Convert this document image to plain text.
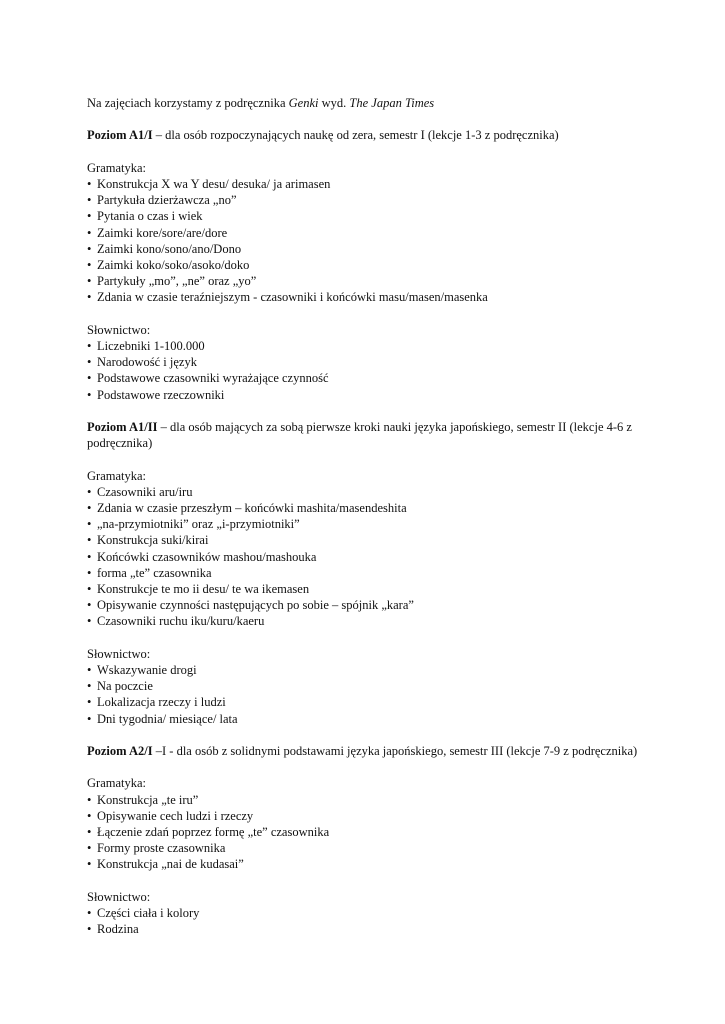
Na zajęciach korzystamy z podręcznika Genki wyd. The Japan Times

Poziom A1/I – dla osób rozpoczynających naukę od zera, semestr I (lekcje 1-3 z podręcznika)

Gramatyka:

• Konstrukcja X wa Y desu/ desuka/ ja arimasen
• Partykuła dzierżawcza „no”
• Pytania o czas i wiek
• Zaimki kore/sore/are/dore
• Zaimki kono/sono/ano/Dono
• Zaimki koko/soko/asoko/doko
• Partykuły „mo”, „ne” oraz „yo”
• Zdania w czasie teraźniejszym - czasowniki i końcówki masu/masen/masenka

Słownictwo:

• Liczebniki 1-100.000
• Narodowość i język
• Podstawowe czasowniki wyrażające czynność
• Podstawowe rzeczowniki

Poziom A1/II – dla osób mających za sobą pierwsze kroki nauki języka japońskiego, semestr II (lekcje 4-6 z podręcznika)

Gramatyka:

• Czasowniki aru/iru
• Zdania w czasie przeszłym – końcówki mashita/masendeshita
• „na-przymiotniki” oraz „i-przymiotniki”
• Konstrukcja suki/kirai
• Końcówki czasowników mashou/mashouka
• forma „te” czasownika
• Konstrukcje te mo ii desu/ te wa ikemasen
• Opisywanie czynności następujących po sobie – spójnik „kara”
• Czasowniki ruchu iku/kuru/kaeru

Słownictwo:

• Wskazywanie drogi
• Na poczcie
• Lokalizacja rzeczy i ludzi
• Dni tygodnia/ miesiące/ lata

Poziom A2/I –I - dla osób z solidnymi podstawami języka japońskiego, semestr III (lekcje 7-9 z podręcznika)

Gramatyka:

• Konstrukcja „te iru”
• Opisywanie cech ludzi i rzeczy
• Łączenie zdań poprzez formę „te” czasownika
• Formy proste czasownika
• Konstrukcja „nai de kudasai”

Słownictwo:

• Części ciała i kolory
• Rodzina
